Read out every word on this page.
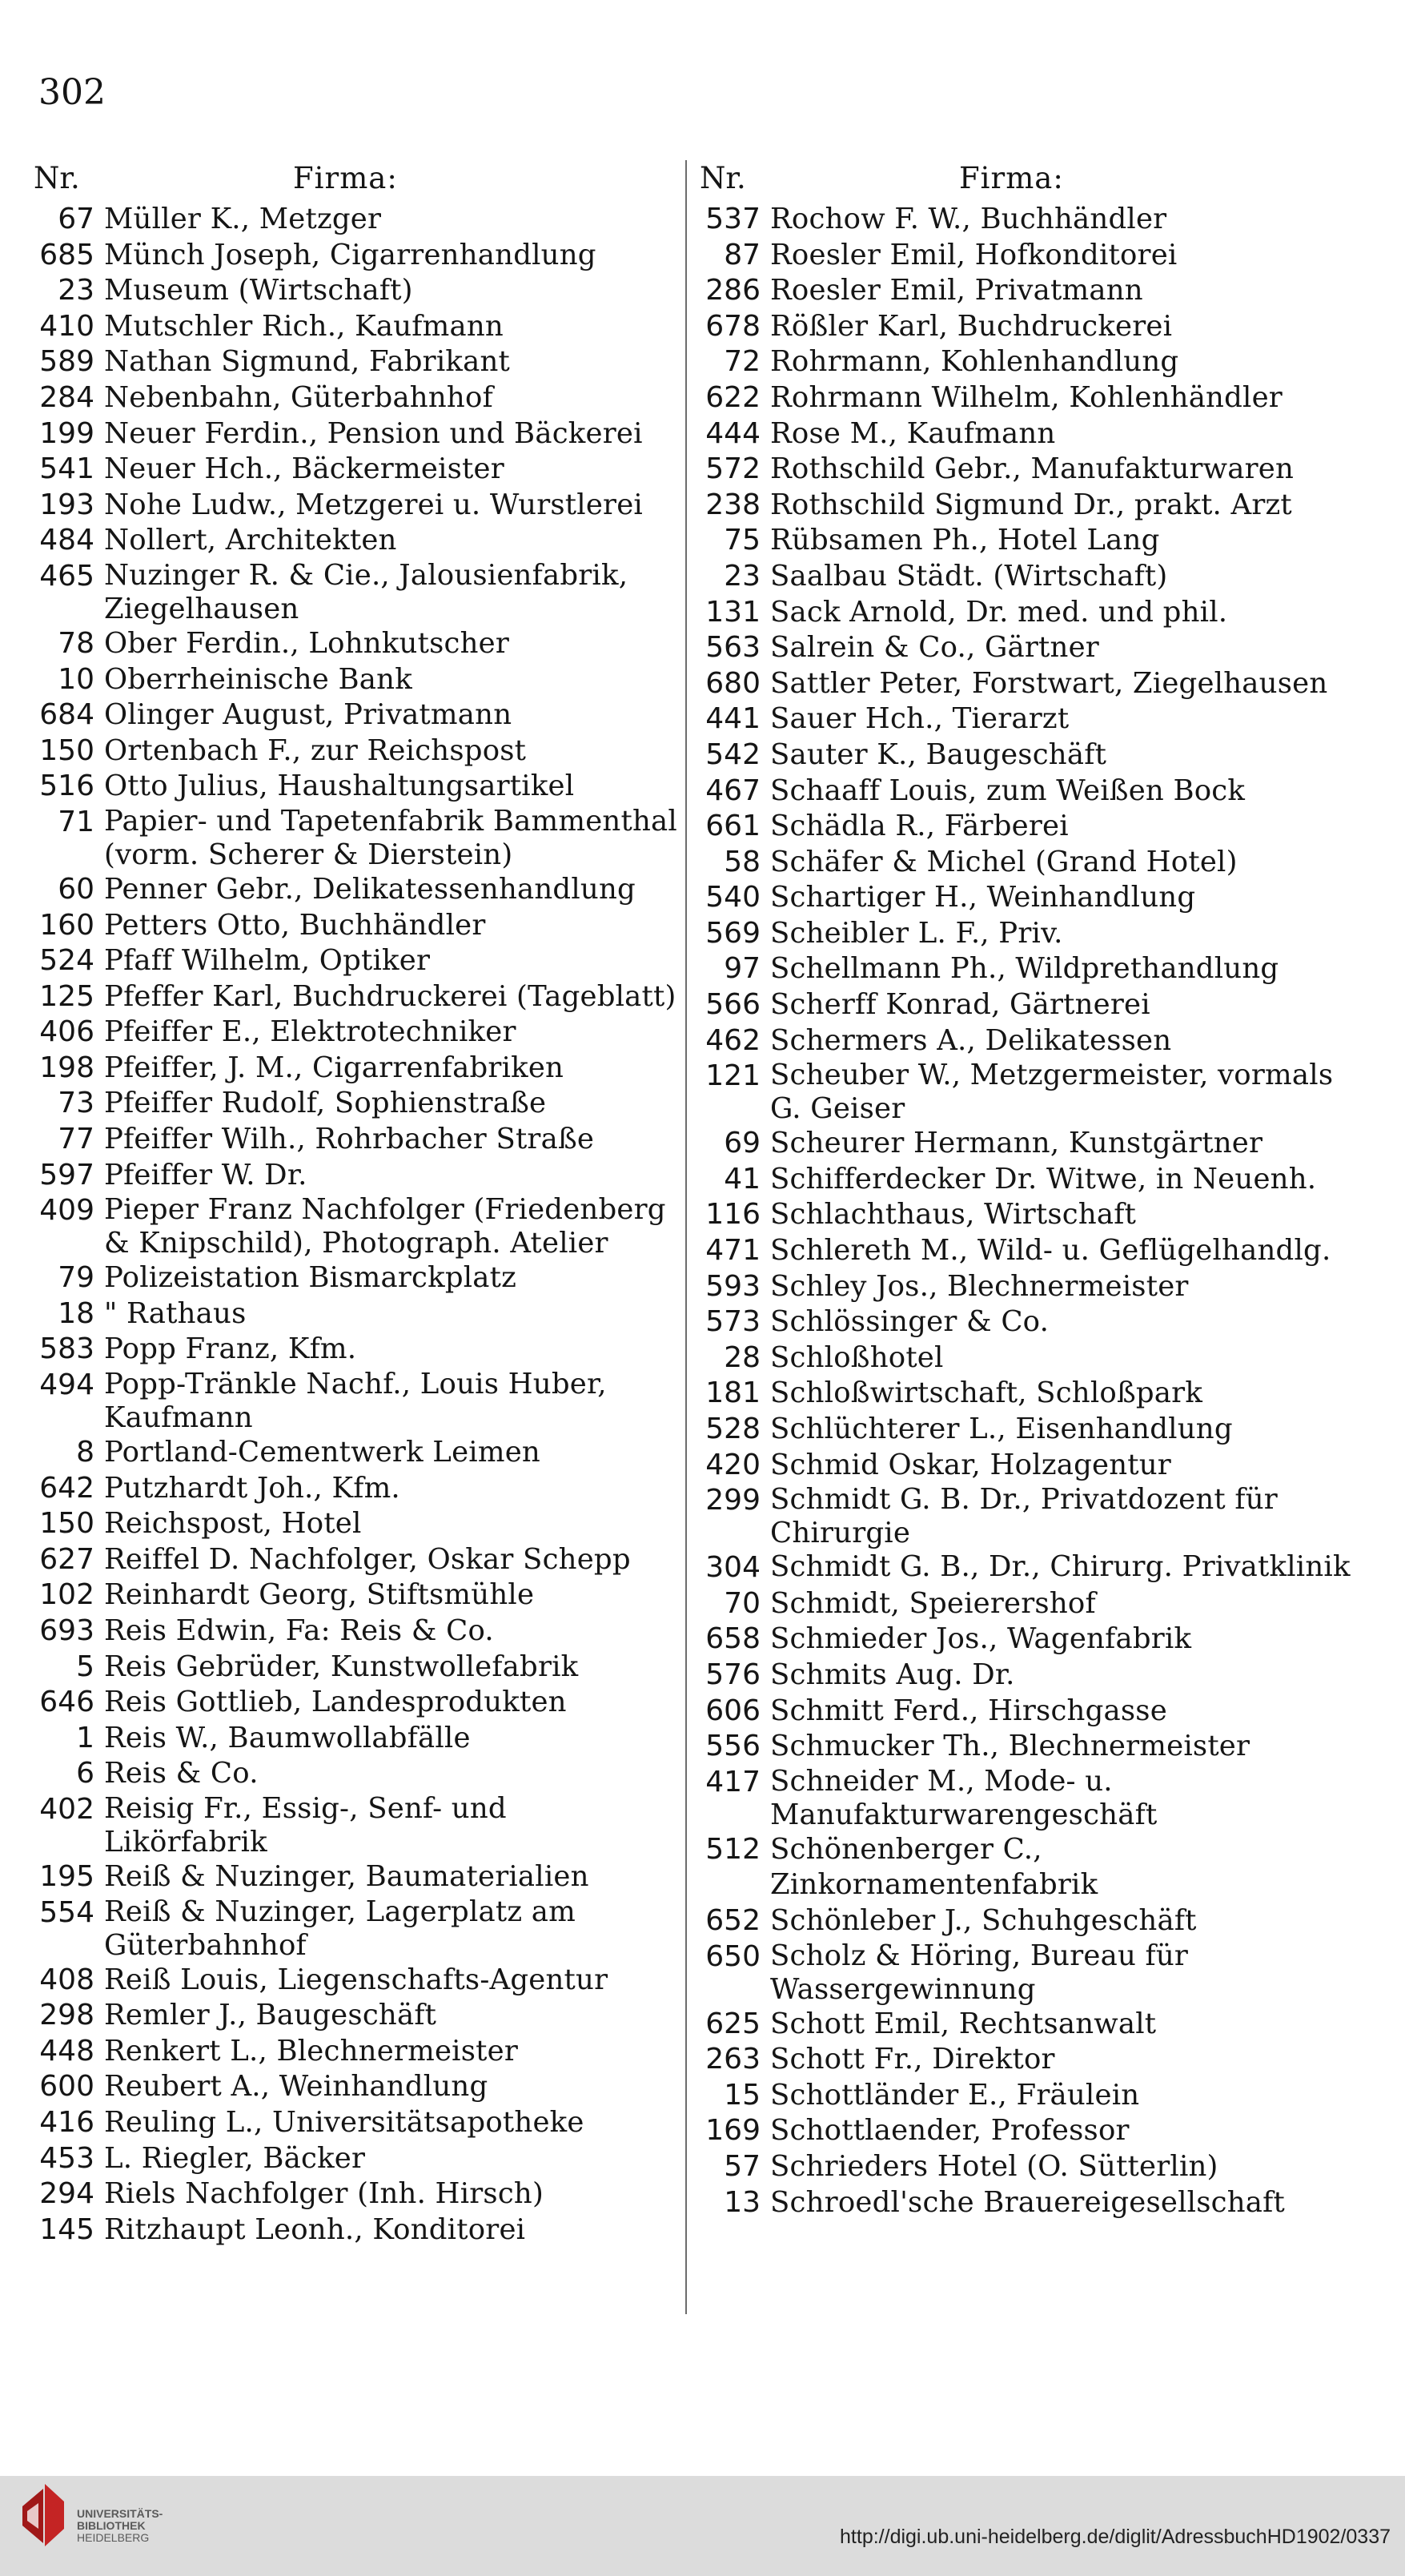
302
Nr.	Firma:
67 Müller K., Metzger
685 Münch Joseph, Cigarrenhandlung
23 Museum (Wirtschaft)
410 Mutschler Rich., Kaufmann
589 Nathan Sigmund, Fabrikant
284 Nebenbahn, Güterbahnhof
199 Neuer Ferdin., Pension und Bäckerei
541 Neuer Hch., Bäckermeister
193 Nohe Ludw., Metzgerei u. Wurstlerei
484 Nollert, Architekten
465 Nuzinger R. & Cie., Jalousienfabrik, Ziegelhausen
78 Ober Ferdin., Lohnkutscher
10 Oberrheinische Bank
684 Olinger August, Privatmann
150 Ortenbach F., zur Reichspost
516 Otto Julius, Haushaltungsartikel
71 Papier- und Tapetenfabrik Bammenthal (vorm. Scherer & Dierstein)
60 Penner Gebr., Delikatessenhandlung
160 Petters Otto, Buchhändler
524 Pfaff Wilhelm, Optiker
125 Pfeffer Karl, Buchdruckerei (Tageblatt)
406 Pfeiffer E., Elektrotechniker
198 Pfeiffer, J. M., Cigarrenfabriken
73 Pfeiffer Rudolf, Sophienstraße
77 Pfeiffer Wilh., Rohrbacher Straße
597 Pfeiffer W. Dr.
409 Pieper Franz Nachfolger (Friedenberg & Knipschild), Photograph. Atelier
79 Polizeistation Bismarckplatz
18 " Rathaus
583 Popp Franz, Kfm.
494 Popp-Tränkle Nachf., Louis Huber, Kaufmann
8 Portland-Cementwerk Leimen
642 Putzhardt Joh., Kfm.
150 Reichspost, Hotel
627 Reiffel D. Nachfolger, Oskar Schepp
102 Reinhardt Georg, Stiftsmühle
693 Reis Edwin, Fa: Reis & Co.
5 Reis Gebrüder, Kunstwollefabrik
646 Reis Gottlieb, Landesprodukten
1 Reis W., Baumwollabfälle
6 Reis & Co.
402 Reisig Fr., Essig-, Senf- und Likörfabrik
195 Reiß & Nuzinger, Baumaterialien
554 Reiß & Nuzinger, Lagerplatz am Güterbahnhof
408 Reiß Louis, Liegenschafts-Agentur
298 Remler J., Baugeschäft
448 Renkert L., Blechnermeister
600 Reubert A., Weinhandlung
416 Reuling L., Universitätsapotheke
453 L. Riegler, Bäcker
294 Riels Nachfolger (Inh. Hirsch)
145 Ritzhaupt Leonh., Konditorei
Nr.	Firma:
537 Rochow F. W., Buchhändler
87 Roesler Emil, Hofkonditorei
286 Roesler Emil, Privatmann
678 Rößler Karl, Buchdruckerei
72 Rohrmann, Kohlenhandlung
622 Rohrmann Wilhelm, Kohlenhändler
444 Rose M., Kaufmann
572 Rothschild Gebr., Manufakturwaren
238 Rothschild Sigmund Dr., prakt. Arzt
75 Rübsamen Ph., Hotel Lang
23 Saalbau Städt. (Wirtschaft)
131 Sack Arnold, Dr. med. und phil.
563 Salrein & Co., Gärtner
680 Sattler Peter, Forstwart, Ziegelhausen
441 Sauer Hch., Tierarzt
542 Sauter K., Baugeschäft
467 Schaaff Louis, zum Weißen Bock
661 Schädla R., Färberei
58 Schäfer & Michel (Grand Hotel)
540 Schartiger H., Weinhandlung
569 Scheibler L. F., Priv.
97 Schellmann Ph., Wildprethandlung
566 Scherff Konrad, Gärtnerei
462 Schermers A., Delikatessen
121 Scheuber W., Metzgermeister, vormals G. Geiser
69 Scheurer Hermann, Kunstgärtner
41 Schifferdecker Dr. Witwe, in Neuenh.
116 Schlachthaus, Wirtschaft
471 Schlereth M., Wild- u. Geflügelhandlg.
593 Schley Jos., Blechnermeister
573 Schlössinger & Co.
28 Schloßhotel
181 Schloßwirtschaft, Schloßpark
528 Schlüchterer L., Eisenhandlung
420 Schmid Oskar, Holzagentur
299 Schmidt G. B. Dr., Privatdozent für Chirurgie
304 Schmidt G. B., Dr., Chirurg. Privatklinik
70 Schmidt, Speierershof
658 Schmieder Jos., Wagenfabrik
576 Schmits Aug. Dr.
606 Schmitt Ferd., Hirschgasse
556 Schmucker Th., Blechnermeister
417 Schneider M., Mode- u. Manufakturwarengeschäft
512 Schönenberger C., Zinkornamentenfabrik
652 Schönleber J., Schuhgeschäft
650 Scholz & Höring, Bureau für Wassergewinnung
625 Schott Emil, Rechtsanwalt
263 Schott Fr., Direktor
15 Schottländer E., Fräulein
169 Schottlaender, Professor
57 Schrieders Hotel (O. Sütterlin)
13 Schroedl'sche Brauereigesellschaft
UNIVERSITÄTS-
BIBLIOTHEK
HEIDELBERG	http://digi.ub.uni-heidelberg.de/diglit/AdressbuchHD1902/0337
